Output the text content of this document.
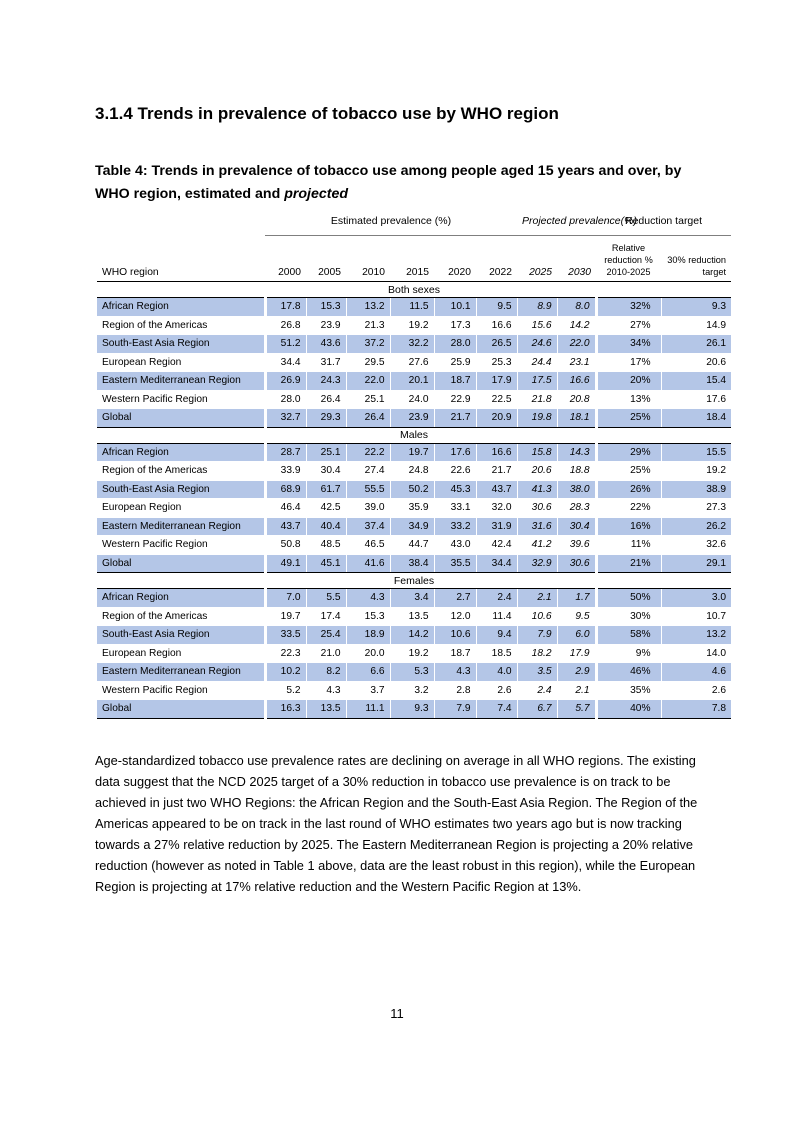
3.1.4 Trends in prevalence of tobacco use by WHO region

Table 4: Trends in prevalence of tobacco use among people aged 15 years and over, by WHO region, estimated and projected

	Estimated prevalence (%)						Projected prevalence(%)		Reduction target	
WHO region	2000	2005	2010	2015	2020	2022	2025	2030	Relative reduction % 2010-2025	30% reduction target
Both sexes										
African Region	17.8	15.3	13.2	11.5	10.1	9.5	8.9	8.0	32%	9.3
Region of the Americas	26.8	23.9	21.3	19.2	17.3	16.6	15.6	14.2	27%	14.9
South-East Asia Region	51.2	43.6	37.2	32.2	28.0	26.5	24.6	22.0	34%	26.1
European Region	34.4	31.7	29.5	27.6	25.9	25.3	24.4	23.1	17%	20.6
Eastern Mediterranean Region	26.9	24.3	22.0	20.1	18.7	17.9	17.5	16.6	20%	15.4
Western Pacific Region	28.0	26.4	25.1	24.0	22.9	22.5	21.8	20.8	13%	17.6
Global	32.7	29.3	26.4	23.9	21.7	20.9	19.8	18.1	25%	18.4
Males										
African Region	28.7	25.1	22.2	19.7	17.6	16.6	15.8	14.3	29%	15.5
Region of the Americas	33.9	30.4	27.4	24.8	22.6	21.7	20.6	18.8	25%	19.2
South-East Asia Region	68.9	61.7	55.5	50.2	45.3	43.7	41.3	38.0	26%	38.9
European Region	46.4	42.5	39.0	35.9	33.1	32.0	30.6	28.3	22%	27.3
Eastern Mediterranean Region	43.7	40.4	37.4	34.9	33.2	31.9	31.6	30.4	16%	26.2
Western Pacific Region	50.8	48.5	46.5	44.7	43.0	42.4	41.2	39.6	11%	32.6
Global	49.1	45.1	41.6	38.4	35.5	34.4	32.9	30.6	21%	29.1
Females										
African Region	7.0	5.5	4.3	3.4	2.7	2.4	2.1	1.7	50%	3.0
Region of the Americas	19.7	17.4	15.3	13.5	12.0	11.4	10.6	9.5	30%	10.7
South-East Asia Region	33.5	25.4	18.9	14.2	10.6	9.4	7.9	6.0	58%	13.2
European Region	22.3	21.0	20.0	19.2	18.7	18.5	18.2	17.9	9%	14.0
Eastern Mediterranean Region	10.2	8.2	6.6	5.3	4.3	4.0	3.5	2.9	46%	4.6
Western Pacific Region	5.2	4.3	3.7	3.2	2.8	2.6	2.4	2.1	35%	2.6
Global	16.3	13.5	11.1	9.3	7.9	7.4	6.7	5.7	40%	7.8

Age-standardized tobacco use prevalence rates are declining on average in all WHO regions. The existing data suggest that the NCD 2025 target of a 30% reduction in tobacco use prevalence is on track to be achieved in just two WHO Regions: the African Region and the South-East Asia Region. The Region of the Americas appeared to be on track in the last round of WHO estimates two years ago but is now tracking towards a 27% relative reduction by 2025. The Eastern Mediterranean Region is projecting a 20% relative reduction (however as noted in Table 1 above, data are the least robust in this region), while the European Region is projecting at 17% relative reduction and the Western Pacific Region at 13%.

11
